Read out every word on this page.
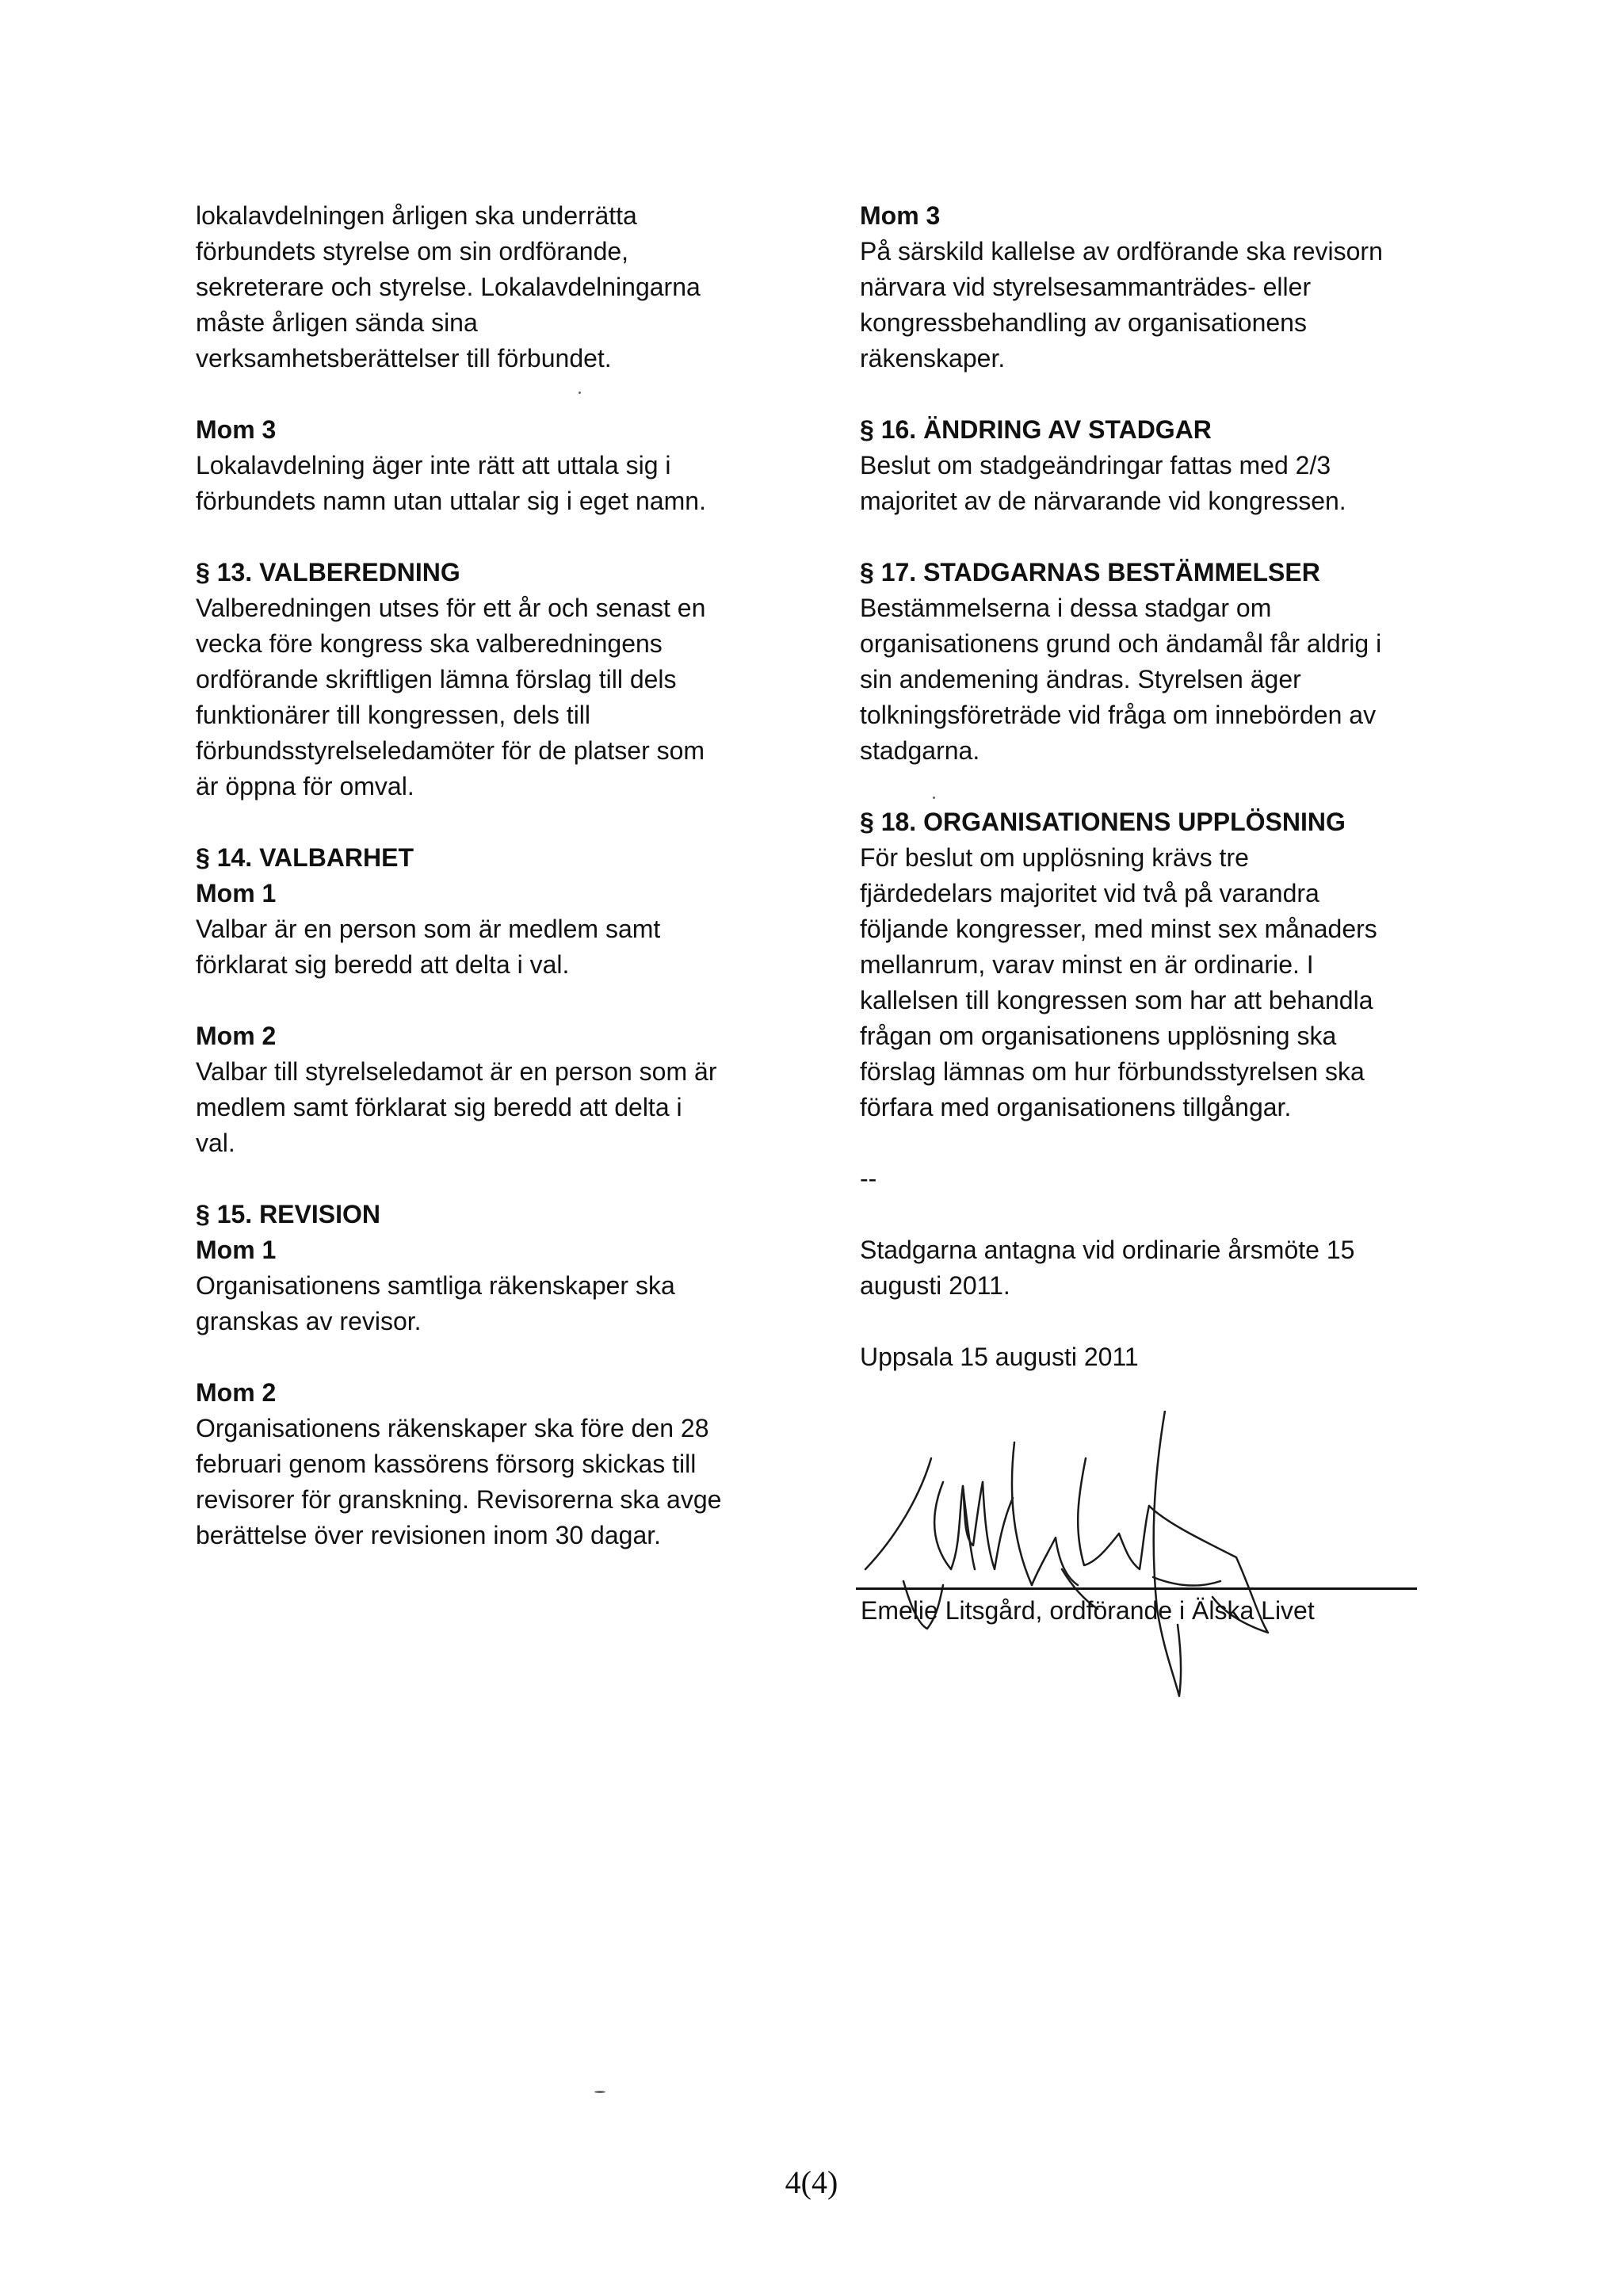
lokalavdelningen årligen ska underrätta
förbundets styrelse om sin ordförande,
sekreterare och styrelse. Lokalavdelningarna
måste årligen sända sina
verksamhetsberättelser till förbundet.

Mom 3

Lokalavdelning äger inte rätt att uttala sig i
förbundets namn utan uttalar sig i eget namn.

§ 13. VALBEREDNING

Valberedningen utses för ett år och senast en
vecka före kongress ska valberedningens
ordförande skriftligen lämna förslag till dels
funktionärer till kongressen, dels till
förbundsstyrelseledamöter för de platser som
är öppna för omval.

§ 14. VALBARHET

Mom 1

Valbar är en person som är medlem samt
förklarat sig beredd att delta i val.

Mom 2

Valbar till styrelseledamot är en person som är
medlem samt förklarat sig beredd att delta i
val.

§ 15. REVISION

Mom 1

Organisationens samtliga räkenskaper ska
granskas av revisor.

Mom 2

Organisationens räkenskaper ska före den 28
februari genom kassörens försorg skickas till
revisorer för granskning. Revisorerna ska avge
berättelse över revisionen inom 30 dagar.

Mom 3

På särskild kallelse av ordförande ska revisorn
närvara vid styrelsesammanträdes- eller
kongressbehandling av organisationens
räkenskaper.

§ 16. ÄNDRING AV STADGAR

Beslut om stadgeändringar fattas med 2/3
majoritet av de närvarande vid kongressen.

§ 17. STADGARNAS BESTÄMMELSER

Bestämmelserna i dessa stadgar om
organisationens grund och ändamål får aldrig i
sin andemening ändras. Styrelsen äger
tolkningsföreträde vid fråga om innebörden av
stadgarna.

§ 18. ORGANISATIONENS UPPLÖSNING

För beslut om upplösning krävs tre
fjärdedelars majoritet vid två på varandra
följande kongresser, med minst sex månaders
mellanrum, varav minst en är ordinarie. I
kallelsen till kongressen som har att behandla
frågan om organisationens upplösning ska
förslag lämnas om hur förbundsstyrelsen ska
förfara med organisationens tillgångar.
--
Stadgarna antagna vid ordinarie årsmöte 15
augusti 2011.
Uppsala 15 augusti 2011
Emelie Litsgård, ordförande i Älska Livet
4(4)
